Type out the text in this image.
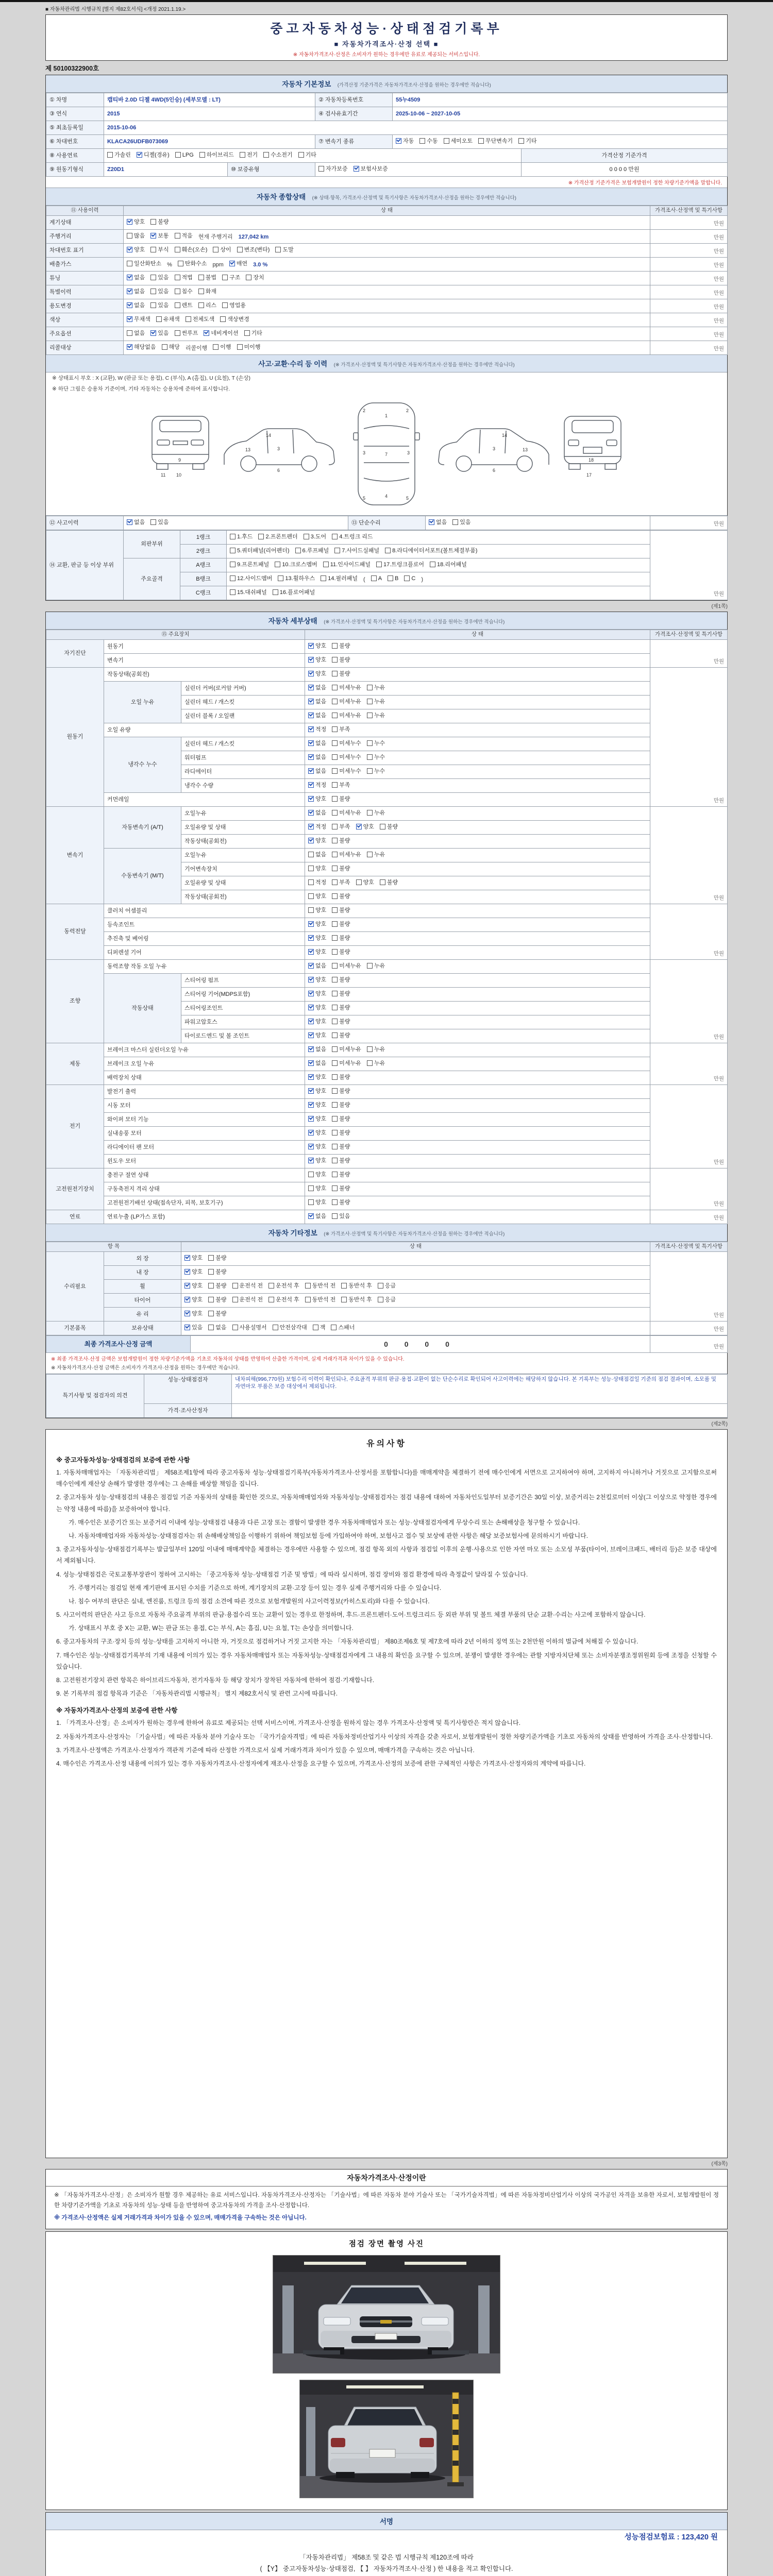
■ 자동차관리법 시행규칙 [별지 제82호서식] <개정 2021.1.19.>
중고자동차성능·상태점검기록부
■ 자동차가격조사·산정 선택 ■
※ 자동차가격조사·산정은 소비자가 원하는 경우에만 유료로 제공되는 서비스입니다.
제 50100322900호
자동차 기본정보 (가격산정 기준가격은 자동차가격조사·산정을 원하는 경우에만 적습니다)
① 차명	캡티바 2.0D 디젤 4WD(5인승) (세부모델 : LT)		② 자동차등록번호	55누4509	
③ 연식	2015		④ 검사유효기간	2025-10-06 ~ 2027-10-05	
⑤ 최초등록일	2015-10-06				
⑥ 차대번호	KLACA26UDFB073069		⑦ 변속기 종류	자동 수동 세미오토 무단변속기 기타	

⑧ 사용연료	가솔린 디젤(경유) LPG 하이브리드 전기 수소전기 기타	가격산정 기준가격
⑨ 원동기형식	Z20D1	⑩ 보증유형	자가보증 보험사보증		0 0 0 0 만원
※ 가격산정 기준가격은 보험개발원이 정한 차량기준가액을 말합니다.
자동차 종합상태 (※ 상태·항목, 가격조사·산정액 및 특기사항은 자동차가격조사·산정을 원하는 경우에만 적습니다)
⑪ 사용이력	상 태	가격조사·산정액 및 특기사항
계기상태	양호 불량	만원
주행거리	많음 보통 적음 현재 주행거리 127,042 km	만원
차대번호 표기	양호 부식 훼손(오손) 상이 변조(변타) 도말	만원
배출가스	일산화탄소 % 탄화수소 ppm 매연 3.0 %	만원
튜닝	없음 있음 적법 불법 구조 장치	만원
특별이력	없음 있음 침수 화재	만원
용도변경	없음 있음 렌트 리스 영업용	만원
색상	무채색 유채색 전체도색 색상변경	만원
주요옵션	없음 있음 썬루프 네비게이션 기타	만원
리콜대상	해당없음 해당 리콜이행 이행 미이행	만원
사고·교환·수리 등 이력 (※ 가격조사·산정액 및 특기사항은 자동차가격조사·산정을 원하는 경우에만 적습니다)
※ 상태표시 부호 : X (교환), W (판금 또는 용접), C (부식), A (흠집), U (요철), T (손상)
※ 하단 그림은 승용차 기준이며, 기타 자동차는 승용차에 준하여 표시합니다.
9
10
11
3
6
13
14
1
7
4
2	2
3	3
5	5
3
6
13
14
18
17
⑫ 사고이력	없음 있음	⑬ 단순수리	없음 있음	만원
⑭ 교환, 판금 등 이상 부위	외판부위	1랭크	1.후드 2.프론트펜더 3.도어 4.트렁크 리드	만원
		2랭크	5.쿼터패널(리어펜더) 6.루프패널 7.사이드실패널 8.라디에이터서포트(볼트체결부품)	

	주요골격	A랭크	9.프론트패널 10.크로스멤버 11.인사이드패널 17.트렁크플로어 18.리어패널	

B랭크	12.사이드멤버 13.휠하우스 14.필러패널 ( A B C )
		C랭크	15.대쉬패널 16.플로어패널	
(제1쪽)
자동차 세부상태 (※ 가격조사·산정액 및 특기사항은 자동차가격조사·산정을 원하는 경우에만 적습니다)
⑮ 주요장치			상 태	가격조사·산정액 및 특기사항
자기진단	원동기		양호 불량	만원
	변속기		양호 불량	

원동기	작동상태(공회전)		양호 불량	만원
	오일 누유	실린더 커버(로커암 커버)	없음 미세누유 누유	

		실린더 헤드 / 개스킷	없음 미세누유 누유	

		실린더 블록 / 오일팬	없음 미세누유 누유	

	오일 유량		적정 부족	

	냉각수 누수	실린더 헤드 / 개스킷	없음 미세누수 누수	

		워터펌프	없음 미세누수 누수	

		라디에이터	없음 미세누수 누수	

		냉각수 수량	적정 부족	

	커먼레일		양호 불량	

변속기	자동변속기 (A/T)	오일누유	없음 미세누유 누유	만원
		오일유량 및 상태	적정 부족 양호 불량	

		작동상태(공회전)	양호 불량	

	수동변속기 (M/T)	오일누유	없음 미세누유 누유	

		기어변속장치	양호 불량	

		오일유량 및 상태	적정 부족 양호 불량	

		작동상태(공회전)	양호 불량	

동력전달	클러치 어셈블리		양호 불량	만원
	등속조인트		양호 불량	

	추진축 및 베어링		양호 불량	

	디퍼렌셜 기어		양호 불량	

조향	동력조향 작동 오일 누유		없음 미세누유 누유	만원
	작동상태	스티어링 펌프	양호 불량	

		스티어링 기어(MDPS포함)	양호 불량	

		스티어링조인트	양호 불량	

		파워고압호스	양호 불량	

		타이로드엔드 및 볼 조인트	양호 불량	

제동	브레이크 마스터 실린더오일 누유		없음 미세누유 누유	만원
	브레이크 오일 누유		없음 미세누유 누유	

	배력장치 상태		양호 불량	

전기	발전기 출력		양호 불량	만원
	시동 모터		양호 불량	

	와이퍼 모터 기능		양호 불량	

	실내송풍 모터		양호 불량	

	라디에이터 팬 모터		양호 불량	

	윈도우 모터		양호 불량	

고전원전기장치	충전구 절연 상태		양호 불량	만원
	구동축전지 격리 상태		양호 불량	

	고전원전기배선 상태(접속단자, 피복, 보호기구)		양호 불량	

연료	연료누출 (LP가스 포함)		없음 있음	만원
자동차 기타정보 (※ 가격조사·산정액 및 특기사항은 자동차가격조사·산정을 원하는 경우에만 적습니다)
항 목		상 태	가격조사·산정액 및 특기사항
수리필요	외 장	양호 불량	만원
	내 장	양호 불량	

휠	양호 불량 운전석 전 운전석 후 동반석 전 동반석 후 응급

타이어	양호 불량 운전석 전 운전석 후 동반석 전 동반석 후 응급

	유 리	양호 불량	

기본품목	보유상태	있음 없음 사용설명서 안전삼각대 잭 스패너	만원
최종 가격조사·산정 금액	0 0 0 0	만원
※ 최종 가격조사·산정 금액은 보험개발원이 정한 차량기준가액을 기초로 자동차의 상태를 반영하여 산출한 가격이며, 실제 거래가격과 차이가 있을 수 있습니다.
※ 자동차가격조사·산정 금액은 소비자가 가격조사·산정을 원하는 경우에만 적습니다.
특기사항 및 점검자의 의견	성능·상태점검자	내차피해(996,770원) 보험수리 이력이 확인되나, 주요골격 부위의 판금·용접·교환이 없는 단순수리로 확인되어 사고이력에는 해당하지 않습니다. 본 기록부는 성능·상태점검일 기준의 점검 결과이며, 소모품 및 자연마모 부품은 보증 대상에서 제외됩니다.
	가격·조사산정자	
(제2쪽)
유의사항
※ 중고자동차성능·상태점검의 보증에 관한 사항
1. 자동차매매업자는 「자동차관리법」 제58조제1항에 따라 중고자동차 성능·상태점검기록부(자동차가격조사·산정서를 포함합니다)를 매매계약을 체결하기 전에 매수인에게 서면으로 고지하여야 하며, 고지하지 아니하거나 거짓으로 고지함으로써 매수인에게 재산상 손해가 발생한 경우에는 그 손해를 배상할 책임을 집니다.
2. 중고자동차 성능·상태점검의 내용은 점검일 기준 자동차의 상태를 확인한 것으로, 자동차매매업자와 자동차성능·상태점검자는 점검 내용에 대하여 자동차인도일부터 보증기간은 30일 이상, 보증거리는 2천킬로미터 이상(그 이상으로 약정한 경우에는 약정 내용에 따름)을 보증하여야 합니다.
가. 매수인은 보증기간 또는 보증거리 이내에 성능·상태점검 내용과 다른 고장 또는 결함이 발생한 경우 자동차매매업자 또는 성능·상태점검자에게 무상수리 또는 손해배상을 청구할 수 있습니다.
나. 자동차매매업자와 자동차성능·상태점검자는 위 손해배상책임을 이행하기 위하여 책임보험 등에 가입하여야 하며, 보험사고 접수 및 보상에 관한 사항은 해당 보증보험사에 문의하시기 바랍니다.
3. 중고자동차성능·상태점검기록부는 발급일부터 120일 이내에 매매계약을 체결하는 경우에만 사용할 수 있으며, 점검 항목 외의 사항과 점검일 이후의 운행·사용으로 인한 자연 마모 또는 소모성 부품(타이어, 브레이크패드, 배터리 등)은 보증 대상에서 제외됩니다.
4. 성능·상태점검은 국토교통부장관이 정하여 고시하는 「중고자동차 성능·상태점검 기준 및 방법」에 따라 실시하며, 점검 장비와 점검 환경에 따라 측정값이 달라질 수 있습니다.
가. 주행거리는 점검일 현재 계기판에 표시된 수치를 기준으로 하며, 계기장치의 교환·고장 등이 있는 경우 실제 주행거리와 다를 수 있습니다.
나. 침수 여부의 판단은 실내, 엔진룸, 트렁크 등의 점검 소견에 따른 것으로 보험개발원의 사고이력정보(카히스토리)와 다를 수 있습니다.
5. 사고이력의 판단은 사고 등으로 자동차 주요골격 부위의 판금·용접수리 또는 교환이 있는 경우로 한정하며, 후드·프론트펜더·도어·트렁크리드 등 외판 부위 및 볼트 체결 부품의 단순 교환·수리는 사고에 포함하지 않습니다.
가. 상태표시 부호 중 X는 교환, W는 판금 또는 용접, C는 부식, A는 흠집, U는 요철, T는 손상을 의미합니다.
6. 중고자동차의 구조·장치 등의 성능·상태를 고지하지 아니한 자, 거짓으로 점검하거나 거짓 고지한 자는 「자동차관리법」 제80조제6호 및 제7호에 따라 2년 이하의 징역 또는 2천만원 이하의 벌금에 처해질 수 있습니다.
7. 매수인은 성능·상태점검기록부의 기재 내용에 이의가 있는 경우 자동차매매업자 또는 자동차성능·상태점검자에게 그 내용의 확인을 요구할 수 있으며, 분쟁이 발생한 경우에는 관할 지방자치단체 또는 소비자분쟁조정위원회 등에 조정을 신청할 수 있습니다.
8. 고전원전기장치 관련 항목은 하이브리드자동차, 전기자동차 등 해당 장치가 장착된 자동차에 한하여 점검·기재합니다.
9. 본 기록부의 점검 항목과 기준은 「자동차관리법 시행규칙」 별지 제82호서식 및 관련 고시에 따릅니다.
※ 자동차가격조사·산정의 보증에 관한 사항
1. 「가격조사·산정」은 소비자가 원하는 경우에 한하여 유료로 제공되는 선택 서비스이며, 가격조사·산정을 원하지 않는 경우 가격조사·산정액 및 특기사항란은 적지 않습니다.
2. 자동차가격조사·산정자는 「기술사법」에 따른 자동차 분야 기술사 또는 「국가기술자격법」에 따른 자동차정비산업기사 이상의 자격을 갖춘 자로서, 보험개발원이 정한 차량기준가액을 기초로 자동차의 상태를 반영하여 가격을 조사·산정합니다.
3. 가격조사·산정액은 가격조사·산정자가 객관적 기준에 따라 산정한 가격으로서 실제 거래가격과 차이가 있을 수 있으며, 매매가격을 구속하는 것은 아닙니다.
4. 매수인은 가격조사·산정 내용에 이의가 있는 경우 자동차가격조사·산정자에게 재조사·산정을 요구할 수 있으며, 가격조사·산정의 보증에 관한 구체적인 사항은 가격조사·산정자와의 계약에 따릅니다.
(제3쪽)
자동차가격조사·산정이란
※ 「자동차가격조사·산정」은 소비자가 원할 경우 제공하는 유료 서비스입니다. 자동차가격조사·산정자는 「기술사법」에 따른 자동차 분야 기술사 또는 「국가기술자격법」에 따른 자동차정비산업기사 이상의 국가공인 자격을 보유한 자로서, 보험개발원이 정한 차량기준가액을 기초로 자동차의 성능·상태 등을 반영하여 중고자동차의 가격을 조사·산정합니다.
※ 가격조사·산정액은 실제 거래가격과 차이가 있을 수 있으며, 매매가격을 구속하는 것은 아닙니다.
점검 장면 촬영 사진
서명
성능점검보험료 : 123,420 원
「자동차관리법」 제58조 및 같은 법 시행규칙 제120조에 따라
( 【Y】 중고자동차성능·상태점검, 【 】 자동차가격조사·산정 ) 한 내용을 적고 확인합니다.
